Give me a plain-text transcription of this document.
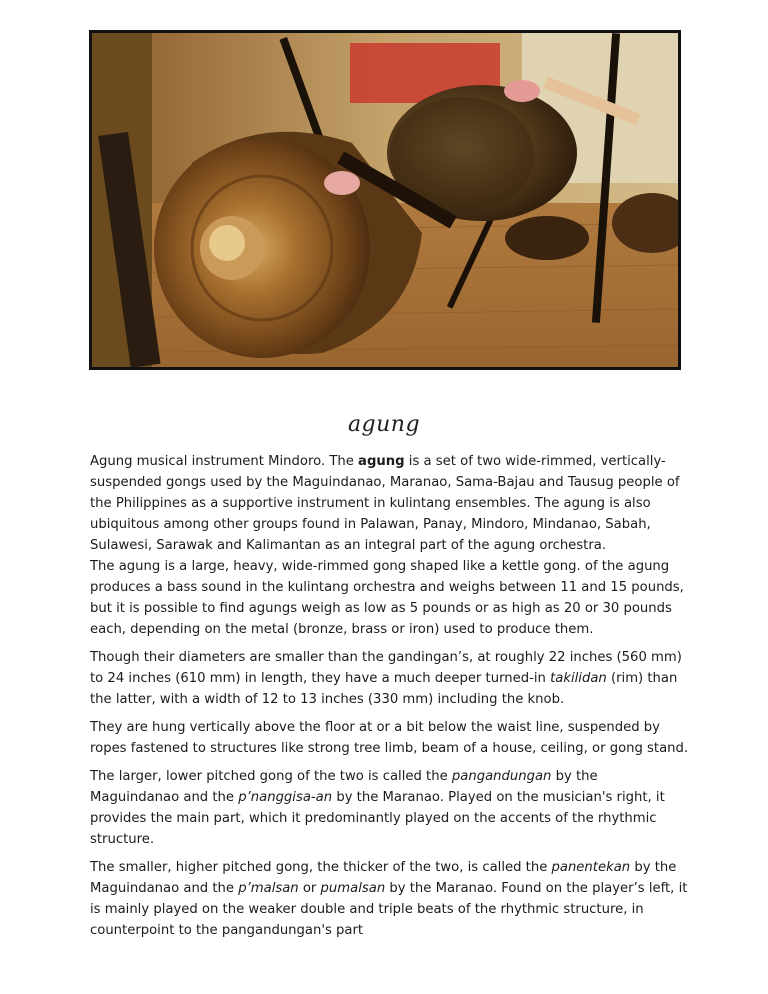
agung

Agung musical instrument Mindoro. The agung is a set of two wide-rimmed, vertically-suspended gongs used by the Maguindanao, Maranao, Sama-Bajau and Tausug people of the Philippines as a supportive instrument in kulintang ensembles. The agung is also ubiquitous among other groups found in Palawan, Panay, Mindoro, Mindanao, Sabah, Sulawesi, Sarawak and Kalimantan as an integral part of the agung orchestra.

The agung is a large, heavy, wide-rimmed gong shaped like a kettle gong. of the agung produces a bass sound in the kulintang orchestra and weighs between 11 and 15 pounds, but it is possible to find agungs weigh as low as 5 pounds or as high as 20 or 30 pounds each, depending on the metal (bronze, brass or iron) used to produce them.

Though their diameters are smaller than the gandingan’s, at roughly 22 inches (560 mm) to 24 inches (610 mm) in length, they have a much deeper turned-in takilidan (rim) than the latter, with a width of 12 to 13 inches (330 mm) including the knob.

They are hung vertically above the floor at or a bit below the waist line, suspended by ropes fastened to structures like strong tree limb, beam of a house, ceiling, or gong stand.

The larger, lower pitched gong of the two is called the pangandungan by the Maguindanao and the p’nanggisa-an by the Maranao. Played on the musician's right, it provides the main part, which it predominantly played on the accents of the rhythmic structure.

The smaller, higher pitched gong, the thicker of the two, is called the panentekan by the Maguindanao and the p’malsan or pumalsan by the Maranao. Found on the player’s left, it is mainly played on the weaker double and triple beats of the rhythmic structure, in counterpoint to the pangandungan's part
